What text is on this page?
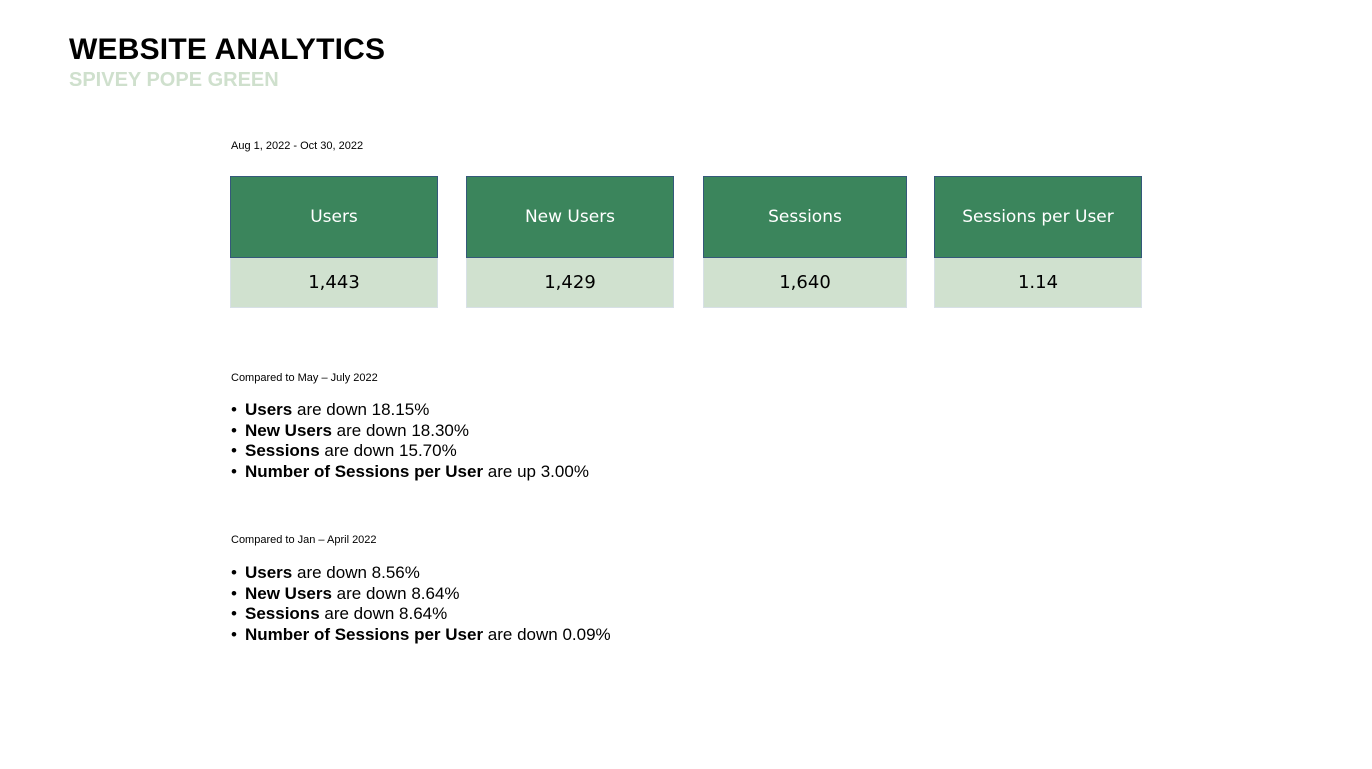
WEBSITE ANALYTICS
SPIVEY POPE GREEN
Aug 1, 2022 - Oct 30, 2022
Users
1,443
New Users
1,429
Sessions
1,640
Sessions per User
1.14
Compared to May – July 2022
• Users are down 18.15%
• New Users are down 18.30%
• Sessions are down 15.70%
• Number of Sessions per User are up 3.00%
Compared to Jan – April 2022
• Users are down 8.56%
• New Users are down 8.64%
• Sessions are down 8.64%
• Number of Sessions per User are down 0.09%
